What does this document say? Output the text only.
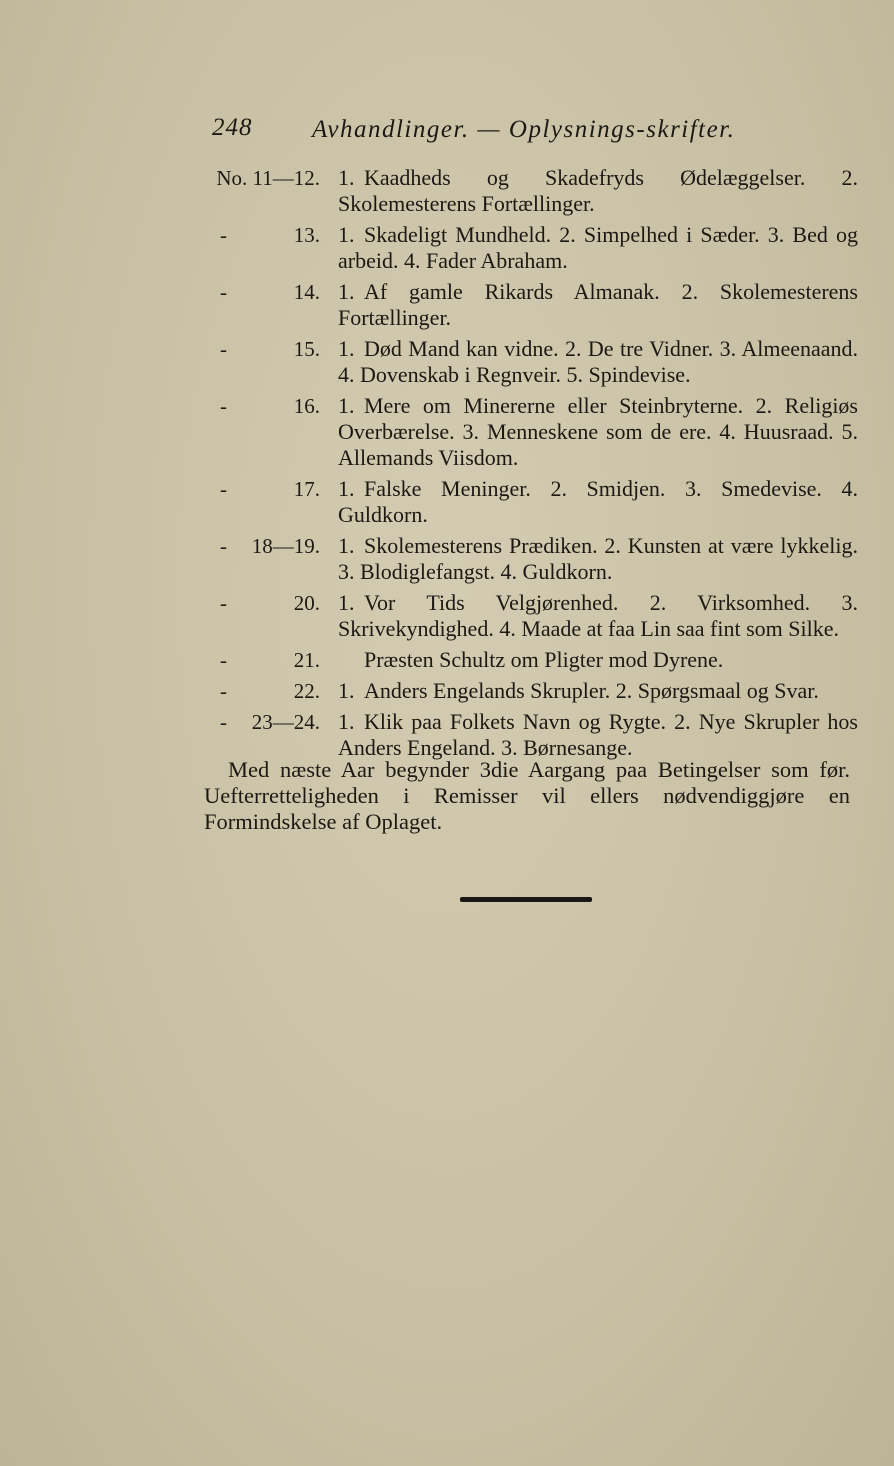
248 Avhandlinger. — Oplysnings-skrifter.
No. 11—12. 1. Kaadheds og Skadefryds Ødelæggelser. 2. Skolemesterens Fortællinger.
-	13. 1. Skadeligt Mundheld. 2. Simpelhed i Sæder. 3. Bed og arbeid. 4. Fader Abraham.
-	14. 1. Af gamle Rikards Almanak. 2. Skolemesterens Fortællinger.
-	15. 1. Død Mand kan vidne. 2. De tre Vidner. 3. Almeenaand. 4. Dovenskab i Regnveir. 5. Spindevise.
-	16. 1. Mere om Minererne eller Steinbryterne. 2. Religiøs Overbærelse. 3. Menneskene som de ere. 4. Huusraad. 5. Allemands Viisdom.
-	17. 1. Falske Meninger. 2. Smidjen. 3. Smedevise. 4. Guldkorn.
- 18—19. 1. Skolemesterens Prædiken. 2. Kunsten at være lykkelig. 3. Blodiglefangst. 4. Guldkorn.
-	20. 1. Vor Tids Velgjørenhed. 2. Virksomhed. 3. Skrivekyndighed. 4. Maade at faa Lin saa fint som Silke.
-	21.	Præsten Schultz om Pligter mod Dyrene.
-	22. 1. Anders Engelands Skrupler. 2. Spørgsmaal og Svar.
- 23—24. 1. Klik paa Folkets Navn og Rygte. 2. Nye Skrupler hos Anders Engeland. 3. Børnesange.

Med næste Aar begynder 3die Aargang paa Betingelser som før. Uefterretteligheden i Remisser vil ellers nødvendiggjøre en Formindskelse af Oplaget.
